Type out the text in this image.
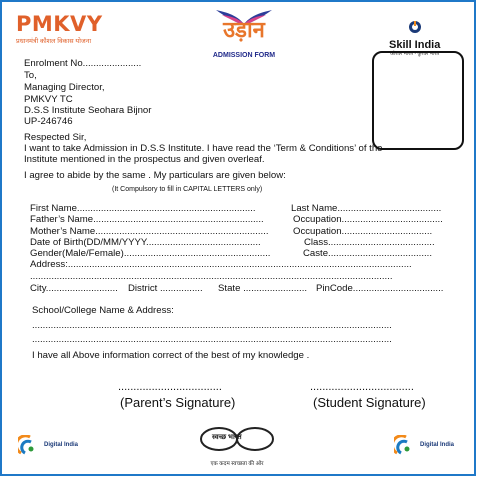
PMKVY
प्रधानमंत्री कौशल विकास योजना	उड़ान
ADMISSION FORM
Skill India
कौशल भारत - कुशल भारत
Enrolment No......................
To,
Managing Director,
PMKVY TC
D.S.S Institute Seohara Bijnor
UP-246746
Respected Sir,
I want to take Admission in D.S.S Institute. I have read the ‘Term & Conditions’ of the
Institute mentioned in the prospectus and given overleaf.
I agree to abide by the same . My particulars are given below:
(It Compulsory to fill in CAPITAL LETTERS only)
First Name...................................................................	Last Name.......................................
Father’s Name................................................................	Occupation......................................
Mother’s Name.................................................................	Occupation..................................
Date of Birth(DD/MM/YYYY...........................................	Class........................................
Gender(Male/Female).......................................................	Caste.......................................
Address:.................................................................................................................................
........................................................................................................................................
City........................... District ................ State ........................ PinCode..................................
School/College Name & Address:
.......................................................................................................................................
.......................................................................................................................................
I have all Above information correct of the best of my knowledge .
..................................
(Parent’s Signature)
..................................
(Student Signature)
Digital India
स्वच्छ भारत
एक कदम स्वच्छता की ओर
Digital India
